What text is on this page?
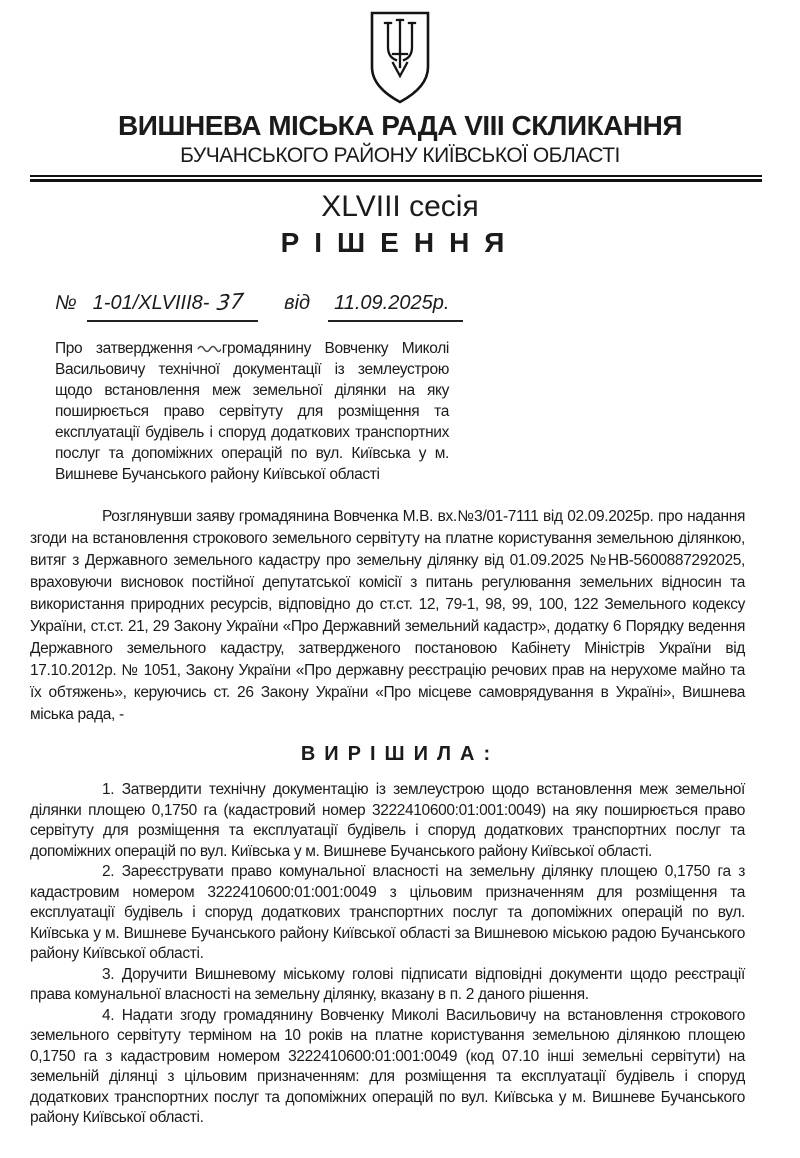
ВИШНЕВА МІСЬКА РАДА VIII СКЛИКАННЯ
БУЧАНСЬКОГО РАЙОНУ КИЇВСЬКОЇ ОБЛАСТІ
XLVIII сесія
РІШЕННЯ
№ 1-01/XLVIII8- 37 від 11.09.2025р.
Про затвердження громадянину Вовченку Миколі Васильовичу технічної документації із землеустрою щодо встановлення меж земельної ділянки на яку поширюється право сервітуту для розміщення та експлуатації будівель і споруд додаткових транспортних послуг та допоміжних операцій по вул. Київська у м. Вишневе Бучанського району Київської області

Розглянувши заяву громадянина Вовченка М.В. вх.№3/01-7111 від 02.09.2025р. про надання згоди на встановлення строкового земельного сервітуту на платне користування земельною ділянкою, витяг з Державного земельного кадастру про земельну ділянку від 01.09.2025 №НВ-5600887292025, враховуючи висновок постійної депутатської комісії з питань регулювання земельних відносин та використання природних ресурсів, відповідно до ст.ст. 12, 79-1, 98, 99, 100, 122 Земельного кодексу України, ст.ст. 21, 29 Закону України «Про Державний земельний кадастр», додатку 6 Порядку ведення Державного земельного кадастру, затвердженого постановою Кабінету Міністрів України від 17.10.2012р. № 1051, Закону України «Про державну реєстрацію речових прав на нерухоме майно та їх обтяжень», керуючись ст. 26 Закону України «Про місцеве самоврядування в Україні», Вишнева міська рада, -

ВИРІШИЛА:

1. Затвердити технічну документацію із землеустрою щодо встановлення меж земельної ділянки площею 0,1750 га (кадастровий номер 3222410600:01:001:0049) на яку поширюється право сервітуту для розміщення та експлуатації будівель і споруд додаткових транспортних послуг та допоміжних операцій по вул. Київська у м. Вишневе Бучанського району Київської області.

2. Зареєструвати право комунальної власності на земельну ділянку площею 0,1750 га з кадастровим номером 3222410600:01:001:0049 з цільовим призначенням для розміщення та експлуатації будівель і споруд додаткових транспортних послуг та допоміжних операцій по вул. Київська у м. Вишневе Бучанського району Київської області за Вишневою міською радою Бучанського району Київської області.

3. Доручити Вишневому міському голові підписати відповідні документи щодо реєстрації права комунальної власності на земельну ділянку, вказану в п. 2 даного рішення.

4. Надати згоду громадянину Вовченку Миколі Васильовичу на встановлення строкового земельного сервітуту терміном на 10 років на платне користування земельною ділянкою площею 0,1750 га з кадастровим номером 3222410600:01:001:0049 (код 07.10 інші земельні сервітути) на земельній ділянці з цільовим призначенням: для розміщення та експлуатації будівель і споруд додаткових транспортних послуг та допоміжних операцій по вул. Київська у м. Вишневе Бучанського району Київської області.
